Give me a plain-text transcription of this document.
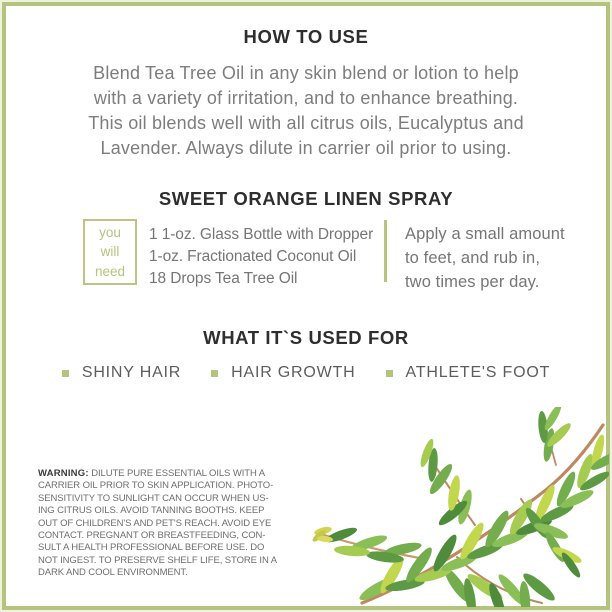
HOW TO USE
Blend Tea Tree Oil in any skin blend or lotion to help
with a variety of irritation, and to enhance breathing.
This oil blends well with all citrus oils, Eucalyptus and
Lavender. Always dilute in carrier oil prior to using.
SWEET ORANGE LINEN SPRAY
you will need
1 1-oz. Glass Bottle with Dropper
1-oz. Fractionated Coconut Oil
18 Drops Tea Tree Oil
Apply a small amount
to feet, and rub in,
two times per day.
WHAT IT`S USED FOR
SHINY HAIR	HAIR GROWTH	ATHLETE'S FOOT
WARNING: DILUTE PURE ESSENTIAL OILS WITH A
CARRIER OIL PRIOR TO SKIN APPLICATION. PHOTO-
SENSITIVITY TO SUNLIGHT CAN OCCUR WHEN US-
ING CITRUS OILS. AVOID TANNING BOOTHS. KEEP
OUT OF CHILDREN'S AND PET'S REACH. AVOID EYE
CONTACT. PREGNANT OR BREASTFEEDING, CON-
SULT A HEALTH PROFESSIONAL BEFORE USE. DO
NOT INGEST. TO PRESERVE SHELF LIFE, STORE IN A
DARK AND COOL ENVIRONMENT.
